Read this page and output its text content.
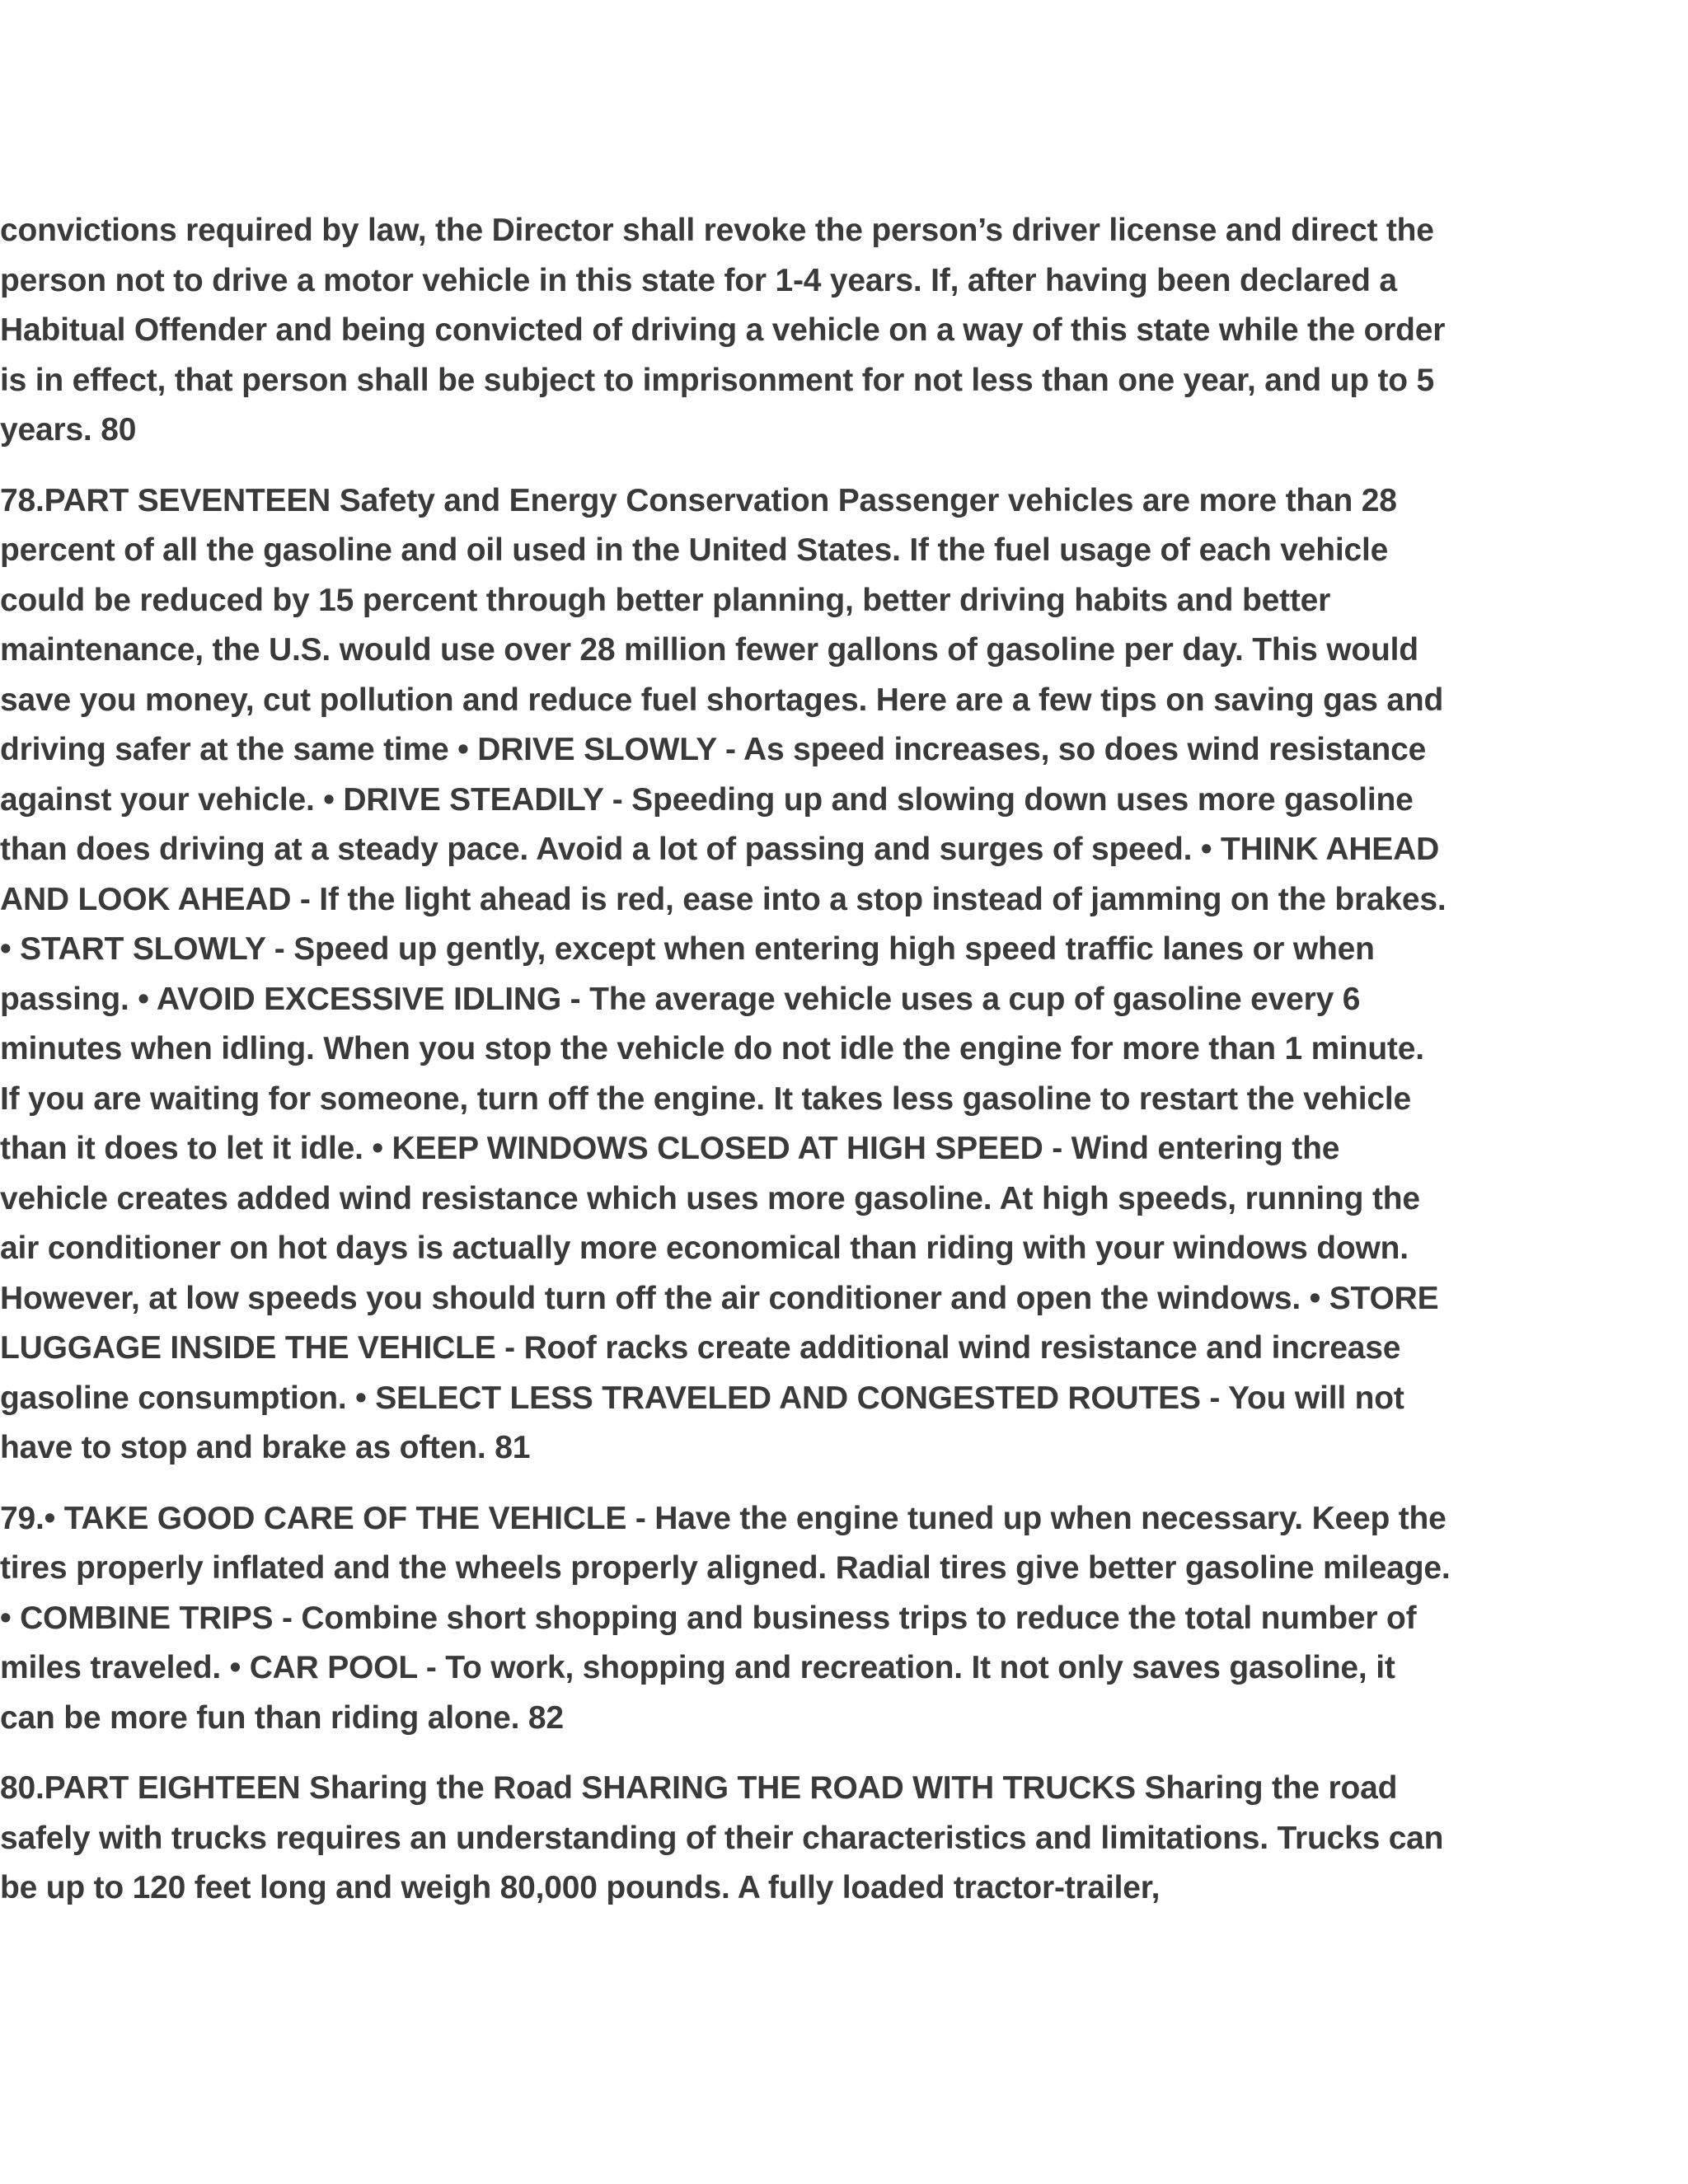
convictions required by law, the Director shall revoke the person’s driver license and direct the person not to drive a motor vehicle in this state for 1-4 years. If, after having been declared a Habitual Offender and being convicted of driving a vehicle on a way of this state while the order is in effect, that person shall be subject to imprisonment for not less than one year, and up to 5 years. 80

78.PART SEVENTEEN Safety and Energy Conservation Passenger vehicles are more than 28 percent of all the gasoline and oil used in the United States. If the fuel usage of each vehicle could be reduced by 15 percent through better planning, better driving habits and better maintenance, the U.S. would use over 28 million fewer gallons of gasoline per day. This would save you money, cut pollution and reduce fuel shortages. Here are a few tips on saving gas and driving safer at the same time • DRIVE SLOWLY - As speed increases, so does wind resistance against your vehicle. • DRIVE STEADILY - Speeding up and slowing down uses more gasoline than does driving at a steady pace. Avoid a lot of passing and surges of speed. • THINK AHEAD AND LOOK AHEAD - If the light ahead is red, ease into a stop instead of jamming on the brakes. • START SLOWLY - Speed up gently, except when entering high speed traffic lanes or when passing. • AVOID EXCESSIVE IDLING - The average vehicle uses a cup of gasoline every 6 minutes when idling. When you stop the vehicle do not idle the engine for more than 1 minute. If you are waiting for someone, turn off the engine. It takes less gasoline to restart the vehicle than it does to let it idle. • KEEP WINDOWS CLOSED AT HIGH SPEED - Wind entering the vehicle creates added wind resistance which uses more gasoline. At high speeds, running the air conditioner on hot days is actually more economical than riding with your windows down. However, at low speeds you should turn off the air conditioner and open the windows. • STORE LUGGAGE INSIDE THE VEHICLE - Roof racks create additional wind resistance and increase gasoline consumption. • SELECT LESS TRAVELED AND CONGESTED ROUTES - You will not have to stop and brake as often. 81

79.• TAKE GOOD CARE OF THE VEHICLE - Have the engine tuned up when necessary. Keep the tires properly inflated and the wheels properly aligned. Radial tires give better gasoline mileage. • COMBINE TRIPS - Combine short shopping and business trips to reduce the total number of miles traveled. • CAR POOL - To work, shopping and recreation. It not only saves gasoline, it can be more fun than riding alone. 82

80.PART EIGHTEEN Sharing the Road SHARING THE ROAD WITH TRUCKS Sharing the road safely with trucks requires an understanding of their characteristics and limitations. Trucks can be up to 120 feet long and weigh 80,000 pounds. A fully loaded tractor-trailer,
